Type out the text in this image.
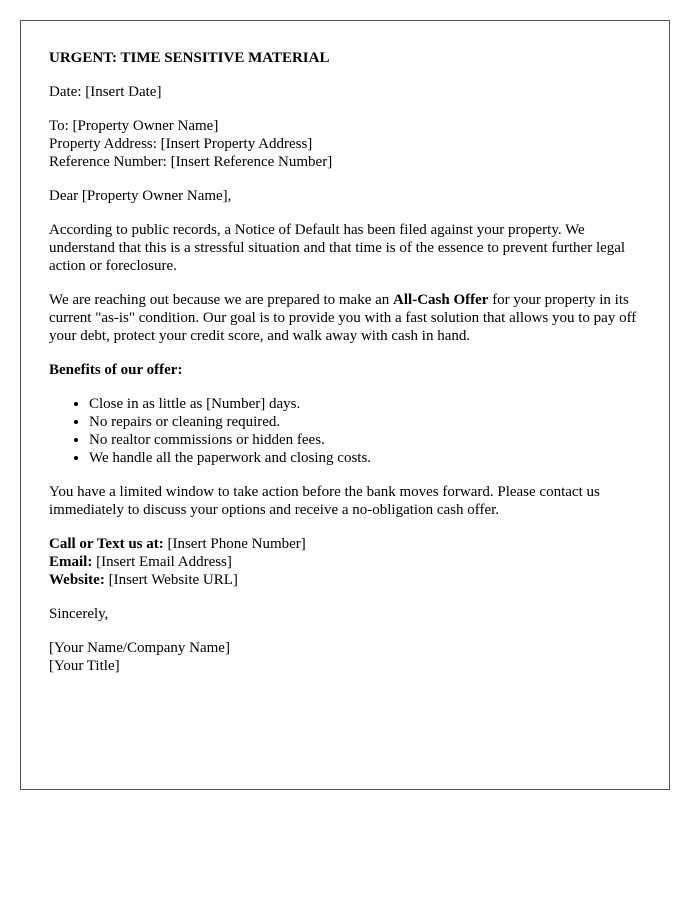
URGENT: TIME SENSITIVE MATERIAL

Date: [Insert Date]

To: [Property Owner Name]

Property Address: [Insert Property Address]

Reference Number: [Insert Reference Number]

Dear [Property Owner Name],

According to public records, a Notice of Default has been filed against your property. We understand that this is a stressful situation and that time is of the essence to prevent further legal action or foreclosure.

We are reaching out because we are prepared to make an All-Cash Offer for your property in its current "as-is" condition. Our goal is to provide you with a fast solution that allows you to pay off your debt, protect your credit score, and walk away with cash in hand.

Benefits of our offer:

• Close in as little as [Number] days.
• No repairs or cleaning required.
• No realtor commissions or hidden fees.
• We handle all the paperwork and closing costs.

You have a limited window to take action before the bank moves forward. Please contact us immediately to discuss your options and receive a no-obligation cash offer.

Call or Text us at: [Insert Phone Number]

Email: [Insert Email Address]

Website: [Insert Website URL]

Sincerely,

[Your Name/Company Name]

[Your Title]
